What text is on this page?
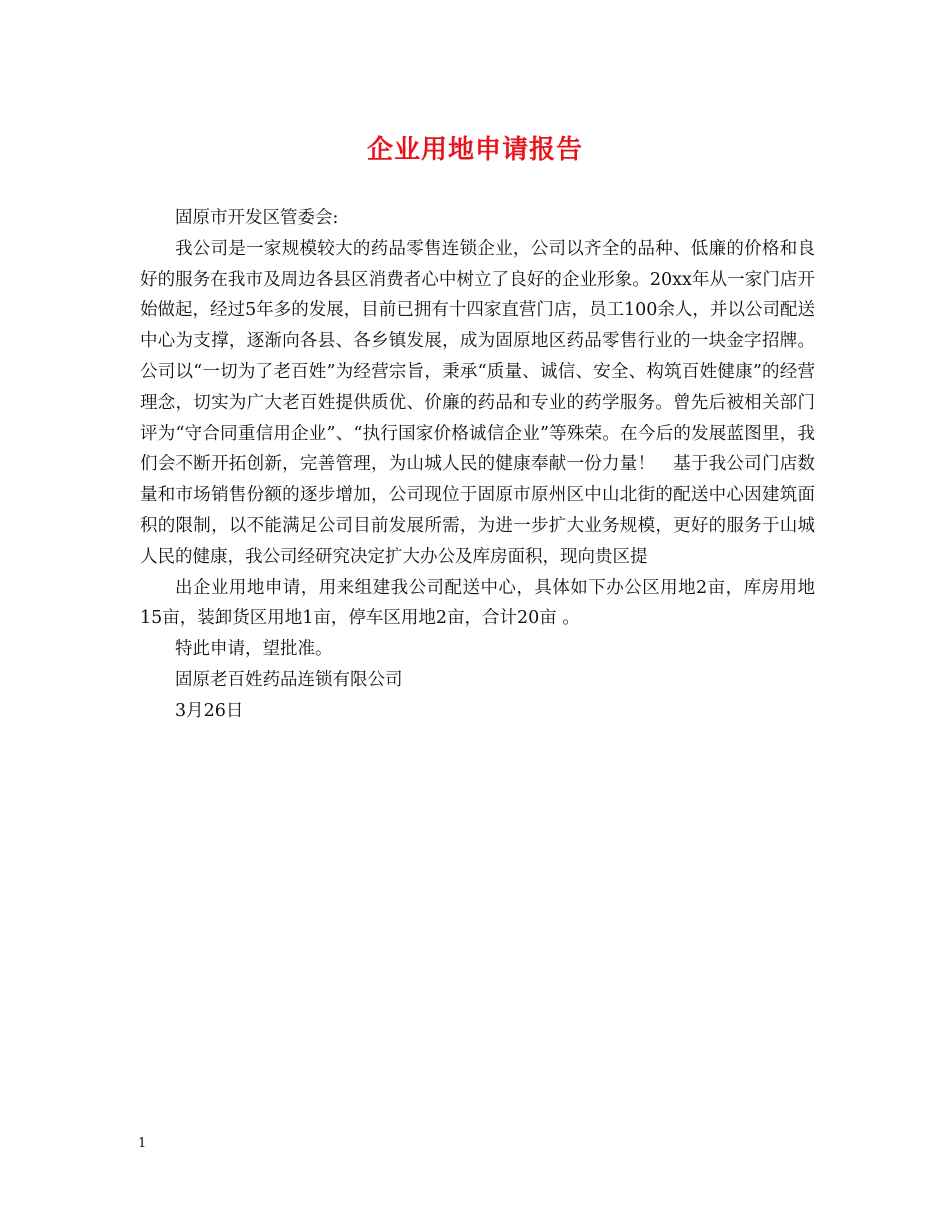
企业用地申请报告

固原市开发区管委会:

我公司是一家规模较大的药品零售连锁企业，公司以齐全的品种、低廉的价格和良好的服务在我市及周边各县区消费者心中树立了良好的企业形象。20xx年从一家门店开始做起，经过5年多的发展，目前已拥有十四家直营门店，员工100余人，并以公司配送中心为支撑，逐渐向各县、各乡镇发展，成为固原地区药品零售行业的一块金字招牌。公司以“一切为了老百姓”为经营宗旨，秉承“质量、诚信、安全、构筑百姓健康”的经营理念，切实为广大老百姓提供质优、价廉的药品和专业的药学服务。曾先后被相关部门评为“守合同重信用企业”、“执行国家价格诚信企业”等殊荣。在今后的发展蓝图里，我们会不断开拓创新，完善管理，为山城人民的健康奉献一份力量！　基于我公司门店数量和市场销售份额的逐步增加，公司现位于固原市原州区中山北街的配送中心因建筑面积的限制，以不能满足公司目前发展所需，为进一步扩大业务规模，更好的服务于山城人民的健康，我公司经研究决定扩大办公及库房面积，现向贵区提

出企业用地申请，用来组建我公司配送中心，具体如下办公区用地2亩，库房用地 15亩，装卸货区用地1亩，停车区用地2亩，合计20亩 。

特此申请，望批准。

固原老百姓药品连锁有限公司

3月26日

1
